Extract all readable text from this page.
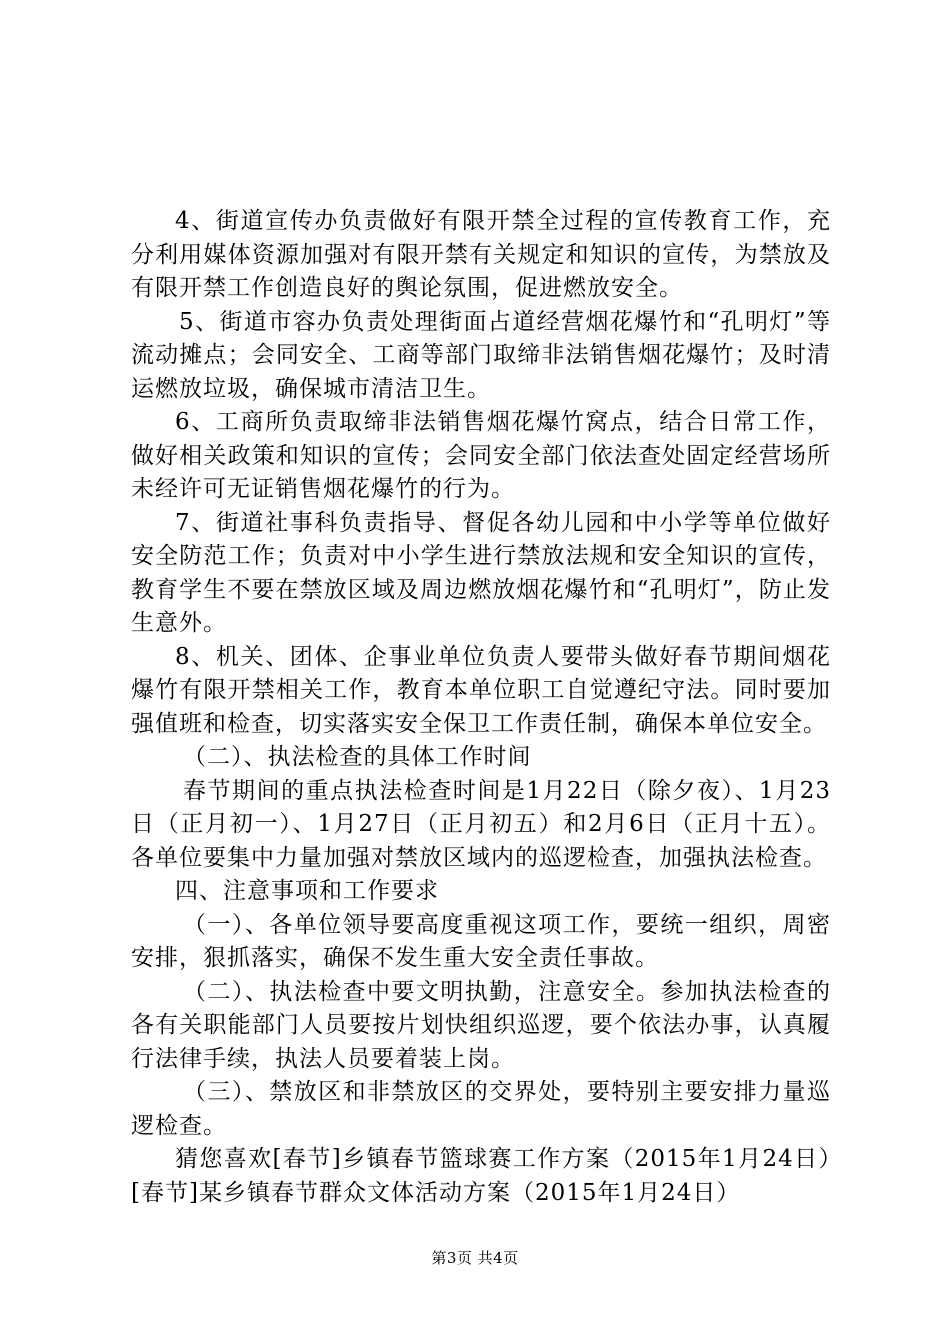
4、街道宣传办负责做好有限开禁全过程的宣传教育工作，充分利用媒体资源加强对有限开禁有关规定和知识的宣传，为禁放及有限开禁工作创造良好的舆论氛围，促进燃放安全。

5、街道市容办负责处理街面占道经营烟花爆竹和“孔明灯”等流动摊点；会同安全、工商等部门取缔非法销售烟花爆竹；及时清运燃放垃圾，确保城市清洁卫生。

6、工商所负责取缔非法销售烟花爆竹窝点，结合日常工作，做好相关政策和知识的宣传；会同安全部门依法查处固定经营场所未经许可无证销售烟花爆竹的行为。

7、街道社事科负责指导、督促各幼儿园和中小学等单位做好安全防范工作；负责对中小学生进行禁放法规和安全知识的宣传，教育学生不要在禁放区域及周边燃放烟花爆竹和“孔明灯”，防止发生意外。

8、机关、团体、企事业单位负责人要带头做好春节期间烟花爆竹有限开禁相关工作，教育本单位职工自觉遵纪守法。同时要加强值班和检查，切实落实安全保卫工作责任制，确保本单位安全。

（二）、执法检查的具体工作时间

春节期间的重点执法检查时间是1月22日（除夕夜）、1月23日（正月初一）、1月27日（正月初五）和2月6日（正月十五）。各单位要集中力量加强对禁放区域内的巡逻检查，加强执法检查。

四、注意事项和工作要求

（一）、各单位领导要高度重视这项工作，要统一组织，周密安排，狠抓落实，确保不发生重大安全责任事故。

（二）、执法检查中要文明执勤，注意安全。参加执法检查的各有关职能部门人员要按片划快组织巡逻，要个依法办事，认真履行法律手续，执法人员要着装上岗。

（三）、禁放区和非禁放区的交界处，要特别主要安排力量巡逻检查。

猜您喜欢[春节]乡镇春节篮球赛工作方案（2015年1月24日）[春节]某乡镇春节群众文体活动方案（2015年1月24日）

第3页 共4页
